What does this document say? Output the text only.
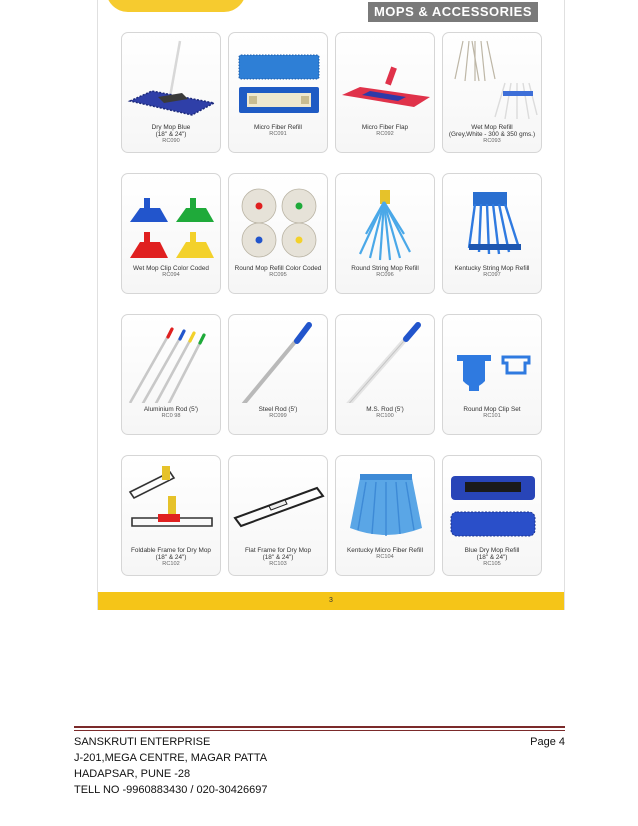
MOPS & ACCESSORIES
Dry Mop Blue
(18" & 24")
RC090
Micro Fiber Refill
RC091
Micro Fiber Flap
RC092
Wet Mop Refill
(Grey,White - 300 & 350 gms.)
RC093
Wet Mop Clip Color Coded
RC094
Round Mop Refill Color Coded
RC095
Round String Mop Refill
RC096
Kentucky String Mop Refill
RC097
Aluminium Rod (5')
RC0 98
Steel Rod (5')
RC099
M.S. Rod (5')
RC100
Round Mop Clip Set
RC101
Foldable Frame for Dry Mop
(18" & 24")
RC102
Flat Frame for Dry Mop
(18" & 24")
RC103
Kentucky Micro Fiber Refill
RC104
Blue Dry Mop Refill
(18" & 24")
RC105
3
SANSKRUTI ENTERPRISE	Page 4
J-201,MEGA CENTRE, MAGAR PATTA
HADAPSAR, PUNE -28
TELL NO -9960883430 / 020-30426697
